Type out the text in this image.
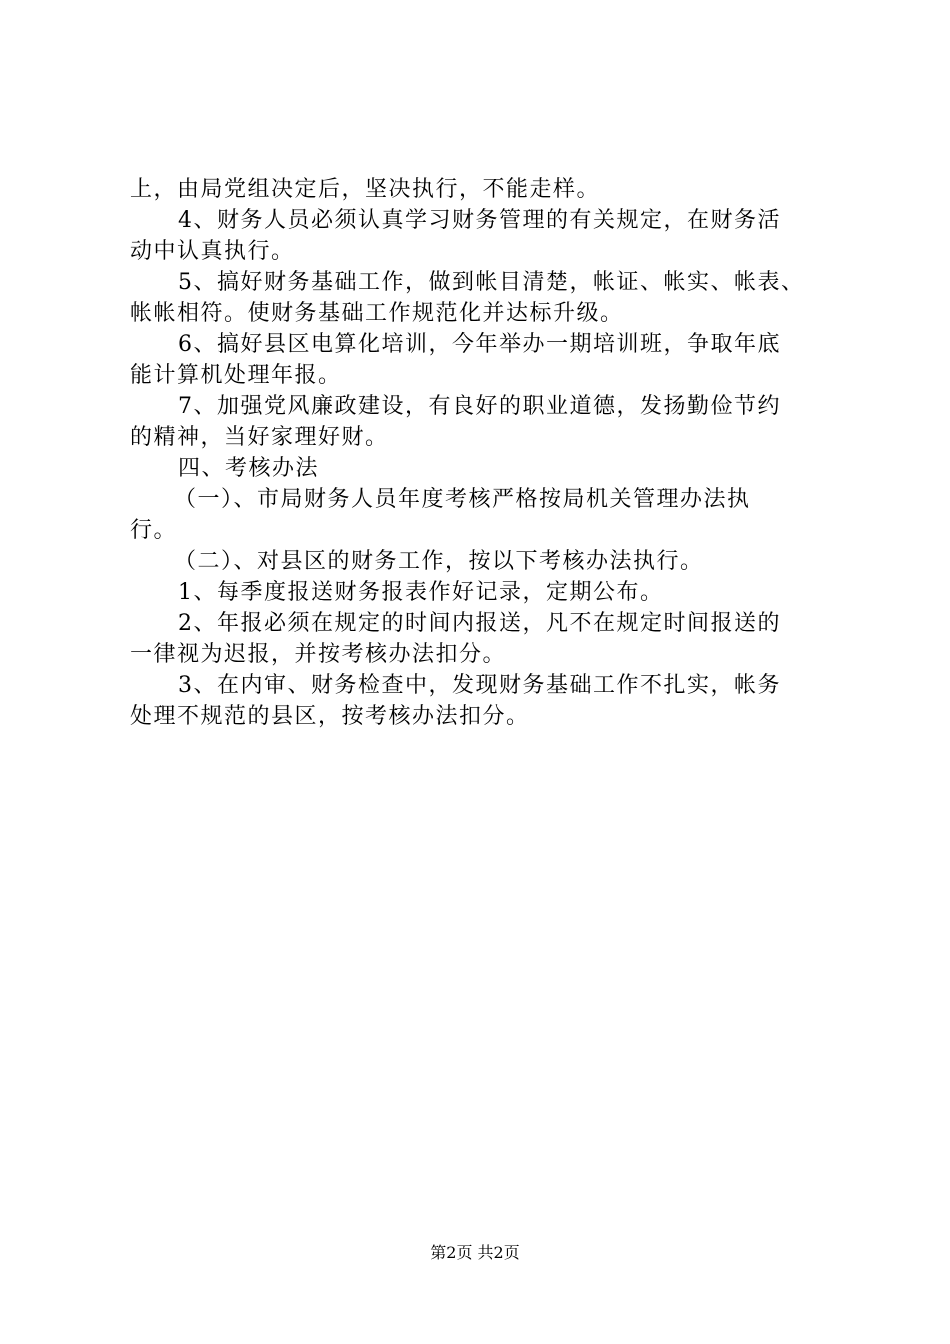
上，由局党组决定后，坚决执行，不能走样。
4、财务人员必须认真学习财务管理的有关规定，在财务活
动中认真执行。
5、搞好财务基础工作，做到帐目清楚，帐证、帐实、帐表、
帐帐相符。使财务基础工作规范化并达标升级。
6、搞好县区电算化培训，今年举办一期培训班，争取年底
能计算机处理年报。
7、加强党风廉政建设，有良好的职业道德，发扬勤俭节约
的精神，当好家理好财。
四、考核办法
（一）、市局财务人员年度考核严格按局机关管理办法执
行。
（二）、对县区的财务工作，按以下考核办法执行。
1、每季度报送财务报表作好记录，定期公布。
2、年报必须在规定的时间内报送，凡不在规定时间报送的
一律视为迟报，并按考核办法扣分。
3、在内审、财务检查中，发现财务基础工作不扎实，帐务
处理不规范的县区，按考核办法扣分。
第2页 共2页
